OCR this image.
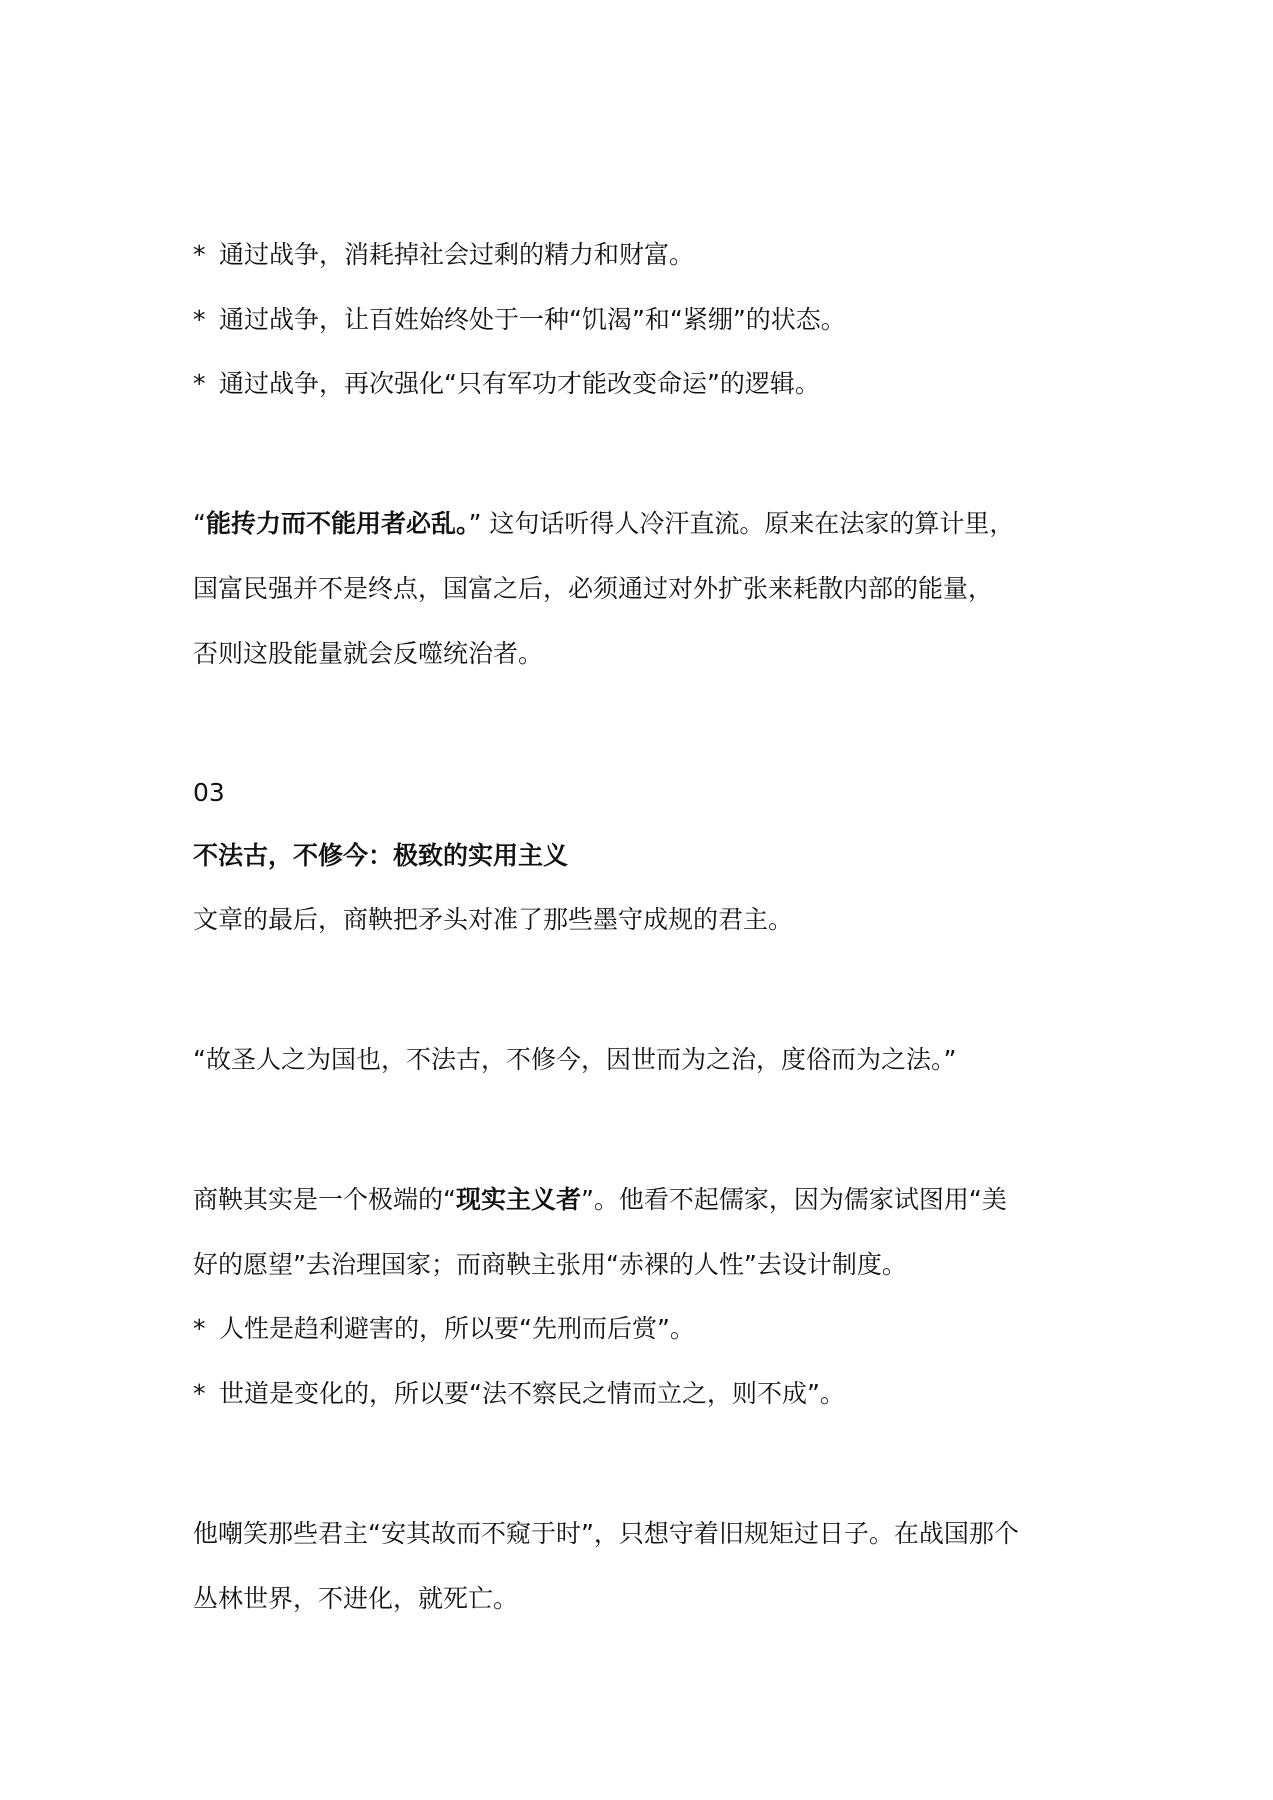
* 通过战争，消耗掉社会过剩的精力和财富。
* 通过战争，让百姓始终处于一种“饥渴”和“紧绷”的状态。
* 通过战争，再次强化“只有军功才能改变命运”的逻辑。
“能抟力而不能用者必乱。” 这句话听得人冷汗直流。原来在法家的算计里，
国富民强并不是终点，国富之后，必须通过对外扩张来耗散内部的能量，
否则这股能量就会反噬统治者。
03
不法古，不修今：极致的实用主义
文章的最后，商鞅把矛头对准了那些墨守成规的君主。
“故圣人之为国也，不法古，不修今，因世而为之治，度俗而为之法。”
商鞅其实是一个极端的“现实主义者”。他看不起儒家，因为儒家试图用“美
好的愿望”去治理国家；而商鞅主张用“赤裸的人性”去设计制度。
* 人性是趋利避害的，所以要“先刑而后赏”。
* 世道是变化的，所以要“法不察民之情而立之，则不成”。
他嘲笑那些君主“安其故而不窥于时”，只想守着旧规矩过日子。在战国那个
丛林世界，不进化，就死亡。
